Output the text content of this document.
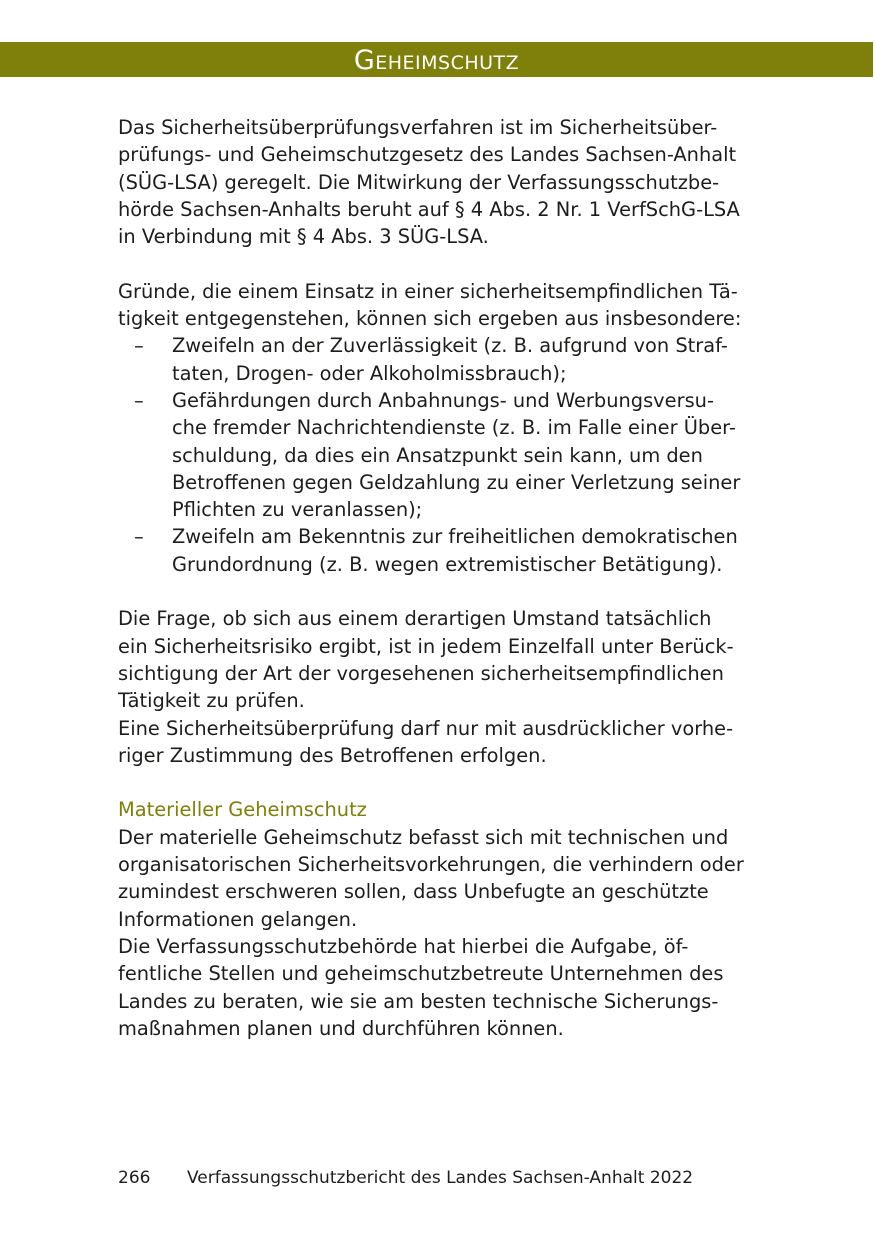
Geheimschutz
Das Sicherheitsüberprüfungsverfahren ist im Sicherheitsüber-
prüfungs- und Geheimschutzgesetz des Landes Sachsen-Anhalt
(SÜG-LSA) geregelt. Die Mitwirkung der Verfassungsschutzbe-
hörde Sachsen-Anhalts beruht auf § 4 Abs. 2 Nr. 1 VerfSchG-LSA
in Verbindung mit § 4 Abs. 3 SÜG-LSA.
Gründe, die einem Einsatz in einer sicherheitsempfindlichen Tä-
tigkeit entgegenstehen, können sich ergeben aus insbesondere:
– Zweifeln an der Zuverlässigkeit (z. B. aufgrund von Straf-
taten, Drogen- oder Alkoholmissbrauch);
– Gefährdungen durch Anbahnungs- und Werbungsversu-
che fremder Nachrichtendienste (z. B. im Falle einer Über-
schuldung, da dies ein Ansatzpunkt sein kann, um den
Betroffenen gegen Geldzahlung zu einer Verletzung seiner
Pflichten zu veranlassen);
– Zweifeln am Bekenntnis zur freiheitlichen demokratischen
Grundordnung (z. B. wegen extremistischer Betätigung).
Die Frage, ob sich aus einem derartigen Umstand tatsächlich
ein Sicherheitsrisiko ergibt, ist in jedem Einzelfall unter Berück-
sichtigung der Art der vorgesehenen sicherheitsempfindlichen
Tätigkeit zu prüfen.
Eine Sicherheitsüberprüfung darf nur mit ausdrücklicher vorhe-
riger Zustimmung des Betroffenen erfolgen.
Materieller Geheimschutz
Der materielle Geheimschutz befasst sich mit technischen und
organisatorischen Sicherheitsvorkehrungen, die verhindern oder
zumindest erschweren sollen, dass Unbefugte an geschützte
Informationen gelangen.
Die Verfassungsschutzbehörde hat hierbei die Aufgabe, öf-
fentliche Stellen und geheimschutzbetreute Unternehmen des
Landes zu beraten, wie sie am besten technische Sicherungs-
maßnahmen planen und durchführen können.
266 Verfassungsschutzbericht des Landes Sachsen-Anhalt 2022
